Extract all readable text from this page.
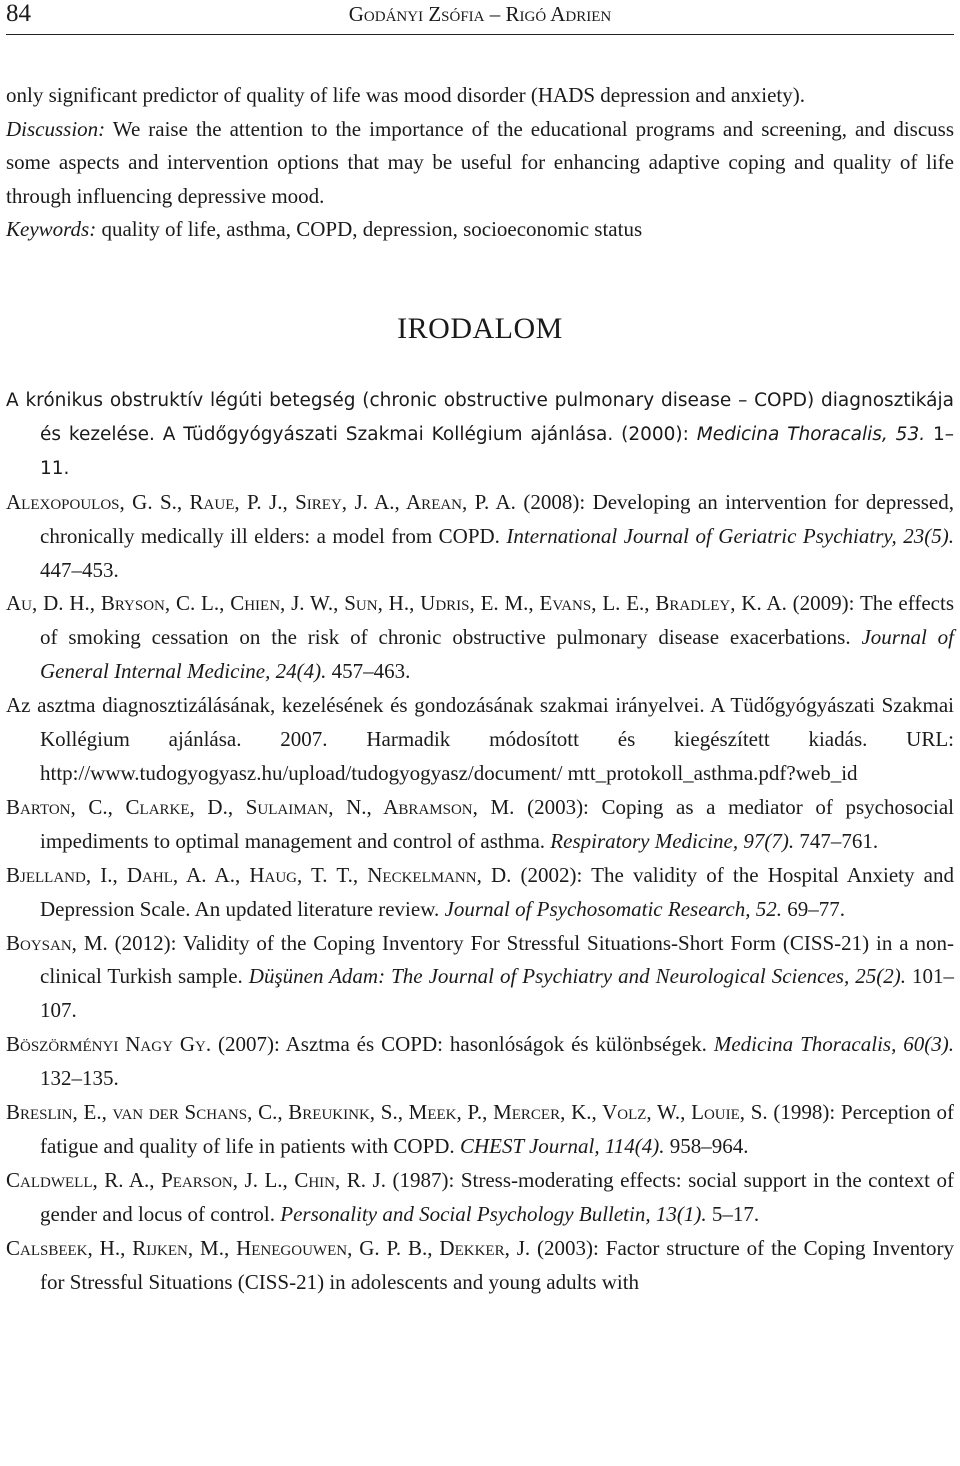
84	Godányi Zsófia – Rigó Adrien

only significant predictor of quality of life was mood disorder (HADS depression and anxiety).

Discussion: We raise the attention to the importance of the educational programs and screening, and discuss some aspects and intervention options that may be useful for enhancing adaptive coping and quality of life through influencing depressive mood.

Keywords: quality of life, asthma, COPD, depression, socioeconomic status

IRODALOM

A krónikus obstruktív légúti betegség (chronic obstructive pulmonary disease – COPD) diagnosztikája és kezelése. A Tüdőgyógyászati Szakmai Kollégium ajánlása. (2000): Medicina Thoracalis, 53. 1–11.

Alexopoulos, G. S., Raue, P. J., Sirey, J. A., Arean, P. A. (2008): Developing an intervention for depressed, chronically medically ill elders: a model from COPD. International Journal of Geriatric Psychiatry, 23(5). 447–453.

Au, D. H., Bryson, C. L., Chien, J. W., Sun, H., Udris, E. M., Evans, L. E., Bradley, K. A. (2009): The effects of smoking cessation on the risk of chronic obstructive pulmonary disease exacerbations. Journal of General Internal Medicine, 24(4). 457–463.

Az asztma diagnosztizálásának, kezelésének és gondozásának szakmai irányelvei. A Tüdőgyógyászati Szakmai Kollégium ajánlása. 2007. Harmadik módosított és kiegészített kiadás. URL: http://www.tudogyogyasz.hu/upload/tudogyogyasz/document/ mtt_protokoll_asthma.pdf?web_id

Barton, C., Clarke, D., Sulaiman, N., Abramson, M. (2003): Coping as a mediator of psychosocial impediments to optimal management and control of asthma. Respiratory Medicine, 97(7). 747–761.

Bjelland, I., Dahl, A. A., Haug, T. T., Neckelmann, D. (2002): The validity of the Hospital Anxiety and Depression Scale. An updated literature review. Journal of Psychosomatic Research, 52. 69–77.

Boysan, M. (2012): Validity of the Coping Inventory For Stressful Situations-Short Form (CISS-21) in a non-clinical Turkish sample. Düşünen Adam: The Journal of Psychiatry and Neurological Sciences, 25(2). 101–107.

Böszörményi Nagy Gy. (2007): Asztma és COPD: hasonlóságok és különbségek. Medicina Thoracalis, 60(3). 132–135.

Breslin, E., van der Schans, C., Breukink, S., Meek, P., Mercer, K., Volz, W., Louie, S. (1998): Perception of fatigue and quality of life in patients with COPD. CHEST Journal, 114(4). 958–964.

Caldwell, R. A., Pearson, J. L., Chin, R. J. (1987): Stress-moderating effects: social support in the context of gender and locus of control. Personality and Social Psychology Bulletin, 13(1). 5–17.

Calsbeek, H., Rijken, M., Henegouwen, G. P. B., Dekker, J. (2003): Factor structure of the Coping Inventory for Stressful Situations (CISS-21) in adolescents and young adults with
